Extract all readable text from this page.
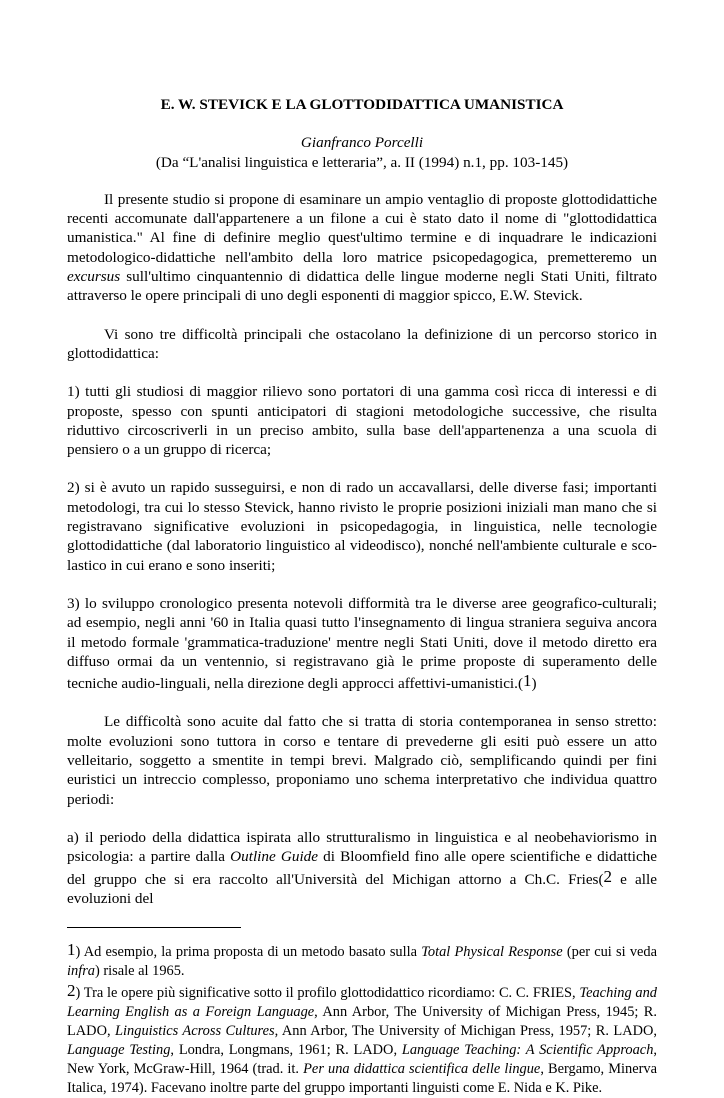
E. W. STEVICK E LA GLOTTODIDATTICA UMANISTICA
Gianfranco Porcelli
(Da “L'analisi linguistica e letteraria”, a. II (1994) n.1, pp. 103-145)

Il presente studio si propone di esaminare un ampio ventaglio di proposte glottodidattiche recenti accomunate dall'appartenere a un filone a cui è stato dato il nome di "glottodidattica umanistica." Al fine di definire meglio quest'ultimo termine e di inquadrare le indicazioni metodologico-didattiche nell'ambito della loro matrice psicopedagogica, premetteremo un excursus sull'ultimo cinquantennio di didattica delle lingue moderne negli Stati Uniti, filtrato attraverso le opere principali di uno degli esponenti di maggior spicco, E.W. Stevick.

Vi sono tre difficoltà principali che ostacolano la definizione di un percorso storico in glottodidattica:

1) tutti gli studiosi di maggior rilievo sono portatori di una gamma così ricca di interessi e di proposte, spesso con spunti anticipatori di stagioni metodologiche successive, che risulta riduttivo circoscriverli in un preciso ambito, sulla base dell'appartenenza a una scuola di pensiero o a un gruppo di ricerca;

2) si è avuto un rapido susseguirsi, e non di rado un accavallarsi, delle diverse fasi; importanti metodologi, tra cui lo stesso Stevick, hanno rivisto le proprie posizioni iniziali man mano che si registravano significative evoluzioni in psicopedagogia, in linguistica, nelle tecnologie glottodidattiche (dal laboratorio linguistico al videodisco), nonché nell'ambiente culturale e sco-lastico in cui erano e sono inseriti;

3) lo sviluppo cronologico presenta notevoli difformità tra le diverse aree geografico-culturali; ad esempio, negli anni '60 in Italia quasi tutto l'insegnamento di lingua straniera seguiva ancora il metodo formale 'grammatica-traduzione' mentre negli Stati Uniti, dove il metodo diretto era diffuso ormai da un ventennio, si registravano già le prime proposte di superamento delle tecniche audio-linguali, nella direzione degli approcci affettivi-umanistici.(1)

Le difficoltà sono acuite dal fatto che si tratta di storia contemporanea in senso stretto: molte evoluzioni sono tuttora in corso e tentare di prevederne gli esiti può essere un atto velleitario, soggetto a smentite in tempi brevi. Malgrado ciò, semplificando quindi per fini euristici un intreccio complesso, proponiamo uno schema interpretativo che individua quattro periodi:

a) il periodo della didattica ispirata allo strutturalismo in linguistica e al neobehaviorismo in psicologia: a partire dalla Outline Guide di Bloomfield fino alle opere scientifiche e didattiche del gruppo che si era raccolto all'Università del Michigan attorno a Ch.C. Fries(2 e alle evoluzioni del

1) Ad esempio, la prima proposta di un metodo basato sulla Total Physical Response (per cui si veda infra) risale al 1965.

2) Tra le opere più significative sotto il profilo glottodidattico ricordiamo: C. C. FRIES, Teaching and Learning English as a Foreign Language, Ann Arbor, The University of Michigan Press, 1945; R. LADO, Linguistics Across Cultures, Ann Arbor, The University of Michigan Press, 1957; R. LADO, Language Testing, Londra, Longmans, 1961; R. LADO, Language Teaching: A Scientific Approach, New York, McGraw-Hill, 1964 (trad. it. Per una didattica scientifica delle lingue, Bergamo, Minerva Italica, 1974). Facevano inoltre parte del gruppo importanti linguisti come E. Nida e K. Pike.
